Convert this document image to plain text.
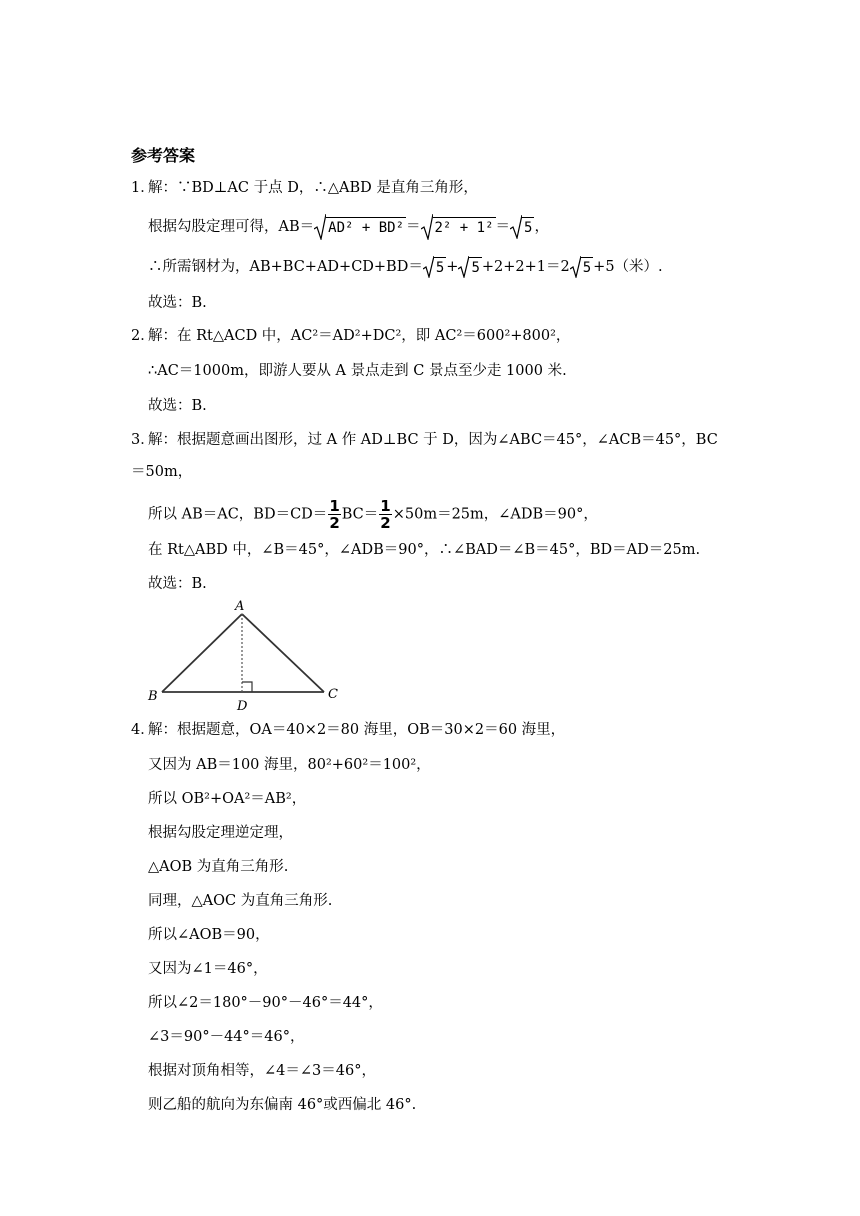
参考答案
1．
解：∵BD⊥AC 于点 D，∴△ABD 是直角三角形，
根据勾股定理可得，AB＝ AD² + BD² ＝ 2² + 1² ＝ 5 ，
∴所需钢材为，AB+BC+AD+CD+BD＝ 5 + 5 +2+2+1＝2 5 +5（米）.
故选：B.
2．
解：在 Rt△ACD 中，AC²＝AD²+DC²，即 AC²＝600²+800²，
∴AC＝1000m，即游人要从 A 景点走到 C 景点至少走 1000 米.
故选：B.
3．
解：根据题意画出图形，过 A 作 AD⊥BC 于 D，因为∠ABC＝45°，∠ACB＝45°，BC
＝50m，
所以 AB＝AC，$BD=CD= \frac{1}{2} BC= \frac{1}{2} \times 50m=25m$，∠ADB＝90°，
在 Rt△ABD 中，∠B＝45°，∠ADB＝90°，∴∠BAD＝∠B＝45°，BD＝AD＝25m.
故选：B.
A
B	C
D
4．
解：根据题意，OA＝40×2＝80 海里，OB＝30×2＝60 海里，
又因为 AB＝100 海里，80²+60²＝100²，
所以 OB²+OA²＝AB²，
根据勾股定理逆定理，
△AOB 为直角三角形.
同理，△AOC 为直角三角形.
所以∠AOB＝90，
又因为∠1＝46°，
所以∠2＝180°－90°－46°＝44°，
∠3＝90°－44°＝46°，
根据对顶角相等，∠4＝∠3＝46°，
则乙船的航向为东偏南 46°或西偏北 46°.
